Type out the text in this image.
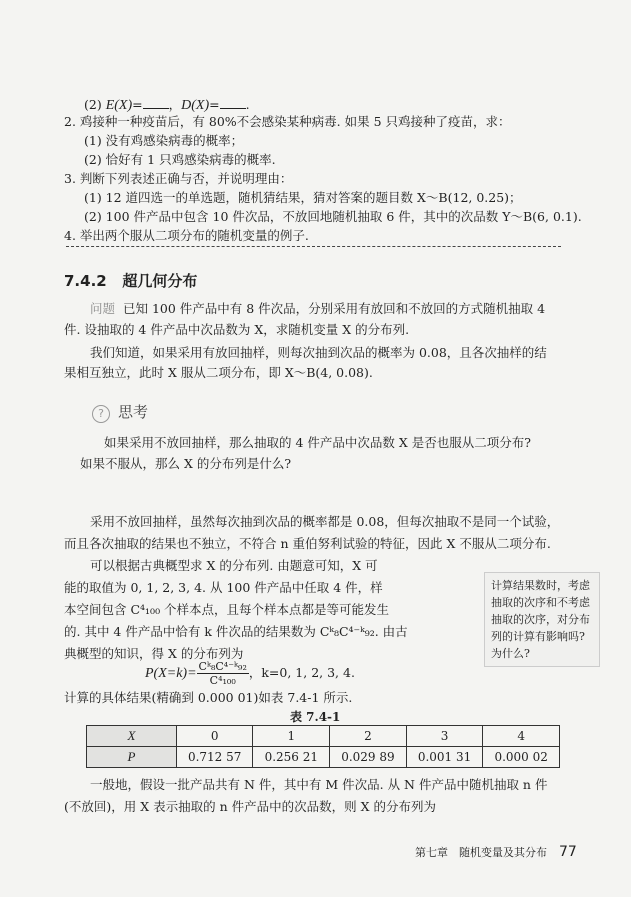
(2) E(X)= ，D(X)= .
2. 鸡接种一种疫苗后，有 80%不会感染某种病毒. 如果 5 只鸡接种了疫苗，求：
(1) 没有鸡感染病毒的概率；
(2) 恰好有 1 只鸡感染病毒的概率.
3. 判断下列表述正确与否，并说明理由：
(1) 12 道四选一的单选题，随机猜结果，猜对答案的题目数 X～B(12, 0.25)；
(2) 100 件产品中包含 10 件次品，不放回地随机抽取 6 件，其中的次品数 Y～B(6, 0.1).
4. 举出两个服从二项分布的随机变量的例子.
7.4.2 超几何分布
问题 已知 100 件产品中有 8 件次品，分别采用有放回和不放回的方式随机抽取 4
件. 设抽取的 4 件产品中次品数为 X，求随机变量 X 的分布列.
我们知道，如果采用有放回抽样，则每次抽到次品的概率为 0.08，且各次抽样的结
果相互独立，此时 X 服从二项分布，即 X～B(4, 0.08).
? 思考
如果采用不放回抽样，那么抽取的 4 件产品中次品数 X 是否也服从二项分布?
如果不服从，那么 X 的分布列是什么?
采用不放回抽样，虽然每次抽到次品的概率都是 0.08，但每次抽取不是同一个试验，
而且各次抽取的结果也不独立，不符合 n 重伯努利试验的特征，因此 X 不服从二项分布.
可以根据古典概型求 X 的分布列. 由题意可知，X 可
能的取值为 0, 1, 2, 3, 4. 从 100 件产品中任取 4 件，样
本空间包含 C⁴₁₀₀ 个样本点，且每个样本点都是等可能发生
的. 其中 4 件产品中恰有 k 件次品的结果数为 Cᵏ₈C⁴⁻ᵏ₉₂. 由古
典概型的知识，得 X 的分布列为
计算结果数时，考虑抽取的次序和不考虑抽取的次序，对分布列的计算有影响吗? 为什么?
$P(X=k)= \frac{\text{Cᵏ₈C⁴⁻ᵏ₉₂}}{\text{C⁴₁₀₀}}$ ，k=0, 1, 2, 3, 4.
计算的具体结果(精确到 0.000 01)如表 7.4-1 所示.
表 7.4-1
X	0	1	2	3	4
P	0.712 57	0.256 21	0.029 89	0.001 31	0.000 02
一般地，假设一批产品共有 N 件，其中有 M 件次品. 从 N 件产品中随机抽取 n 件
(不放回)，用 X 表示抽取的 n 件产品中的次品数，则 X 的分布列为
第七章　随机变量及其分布 77
